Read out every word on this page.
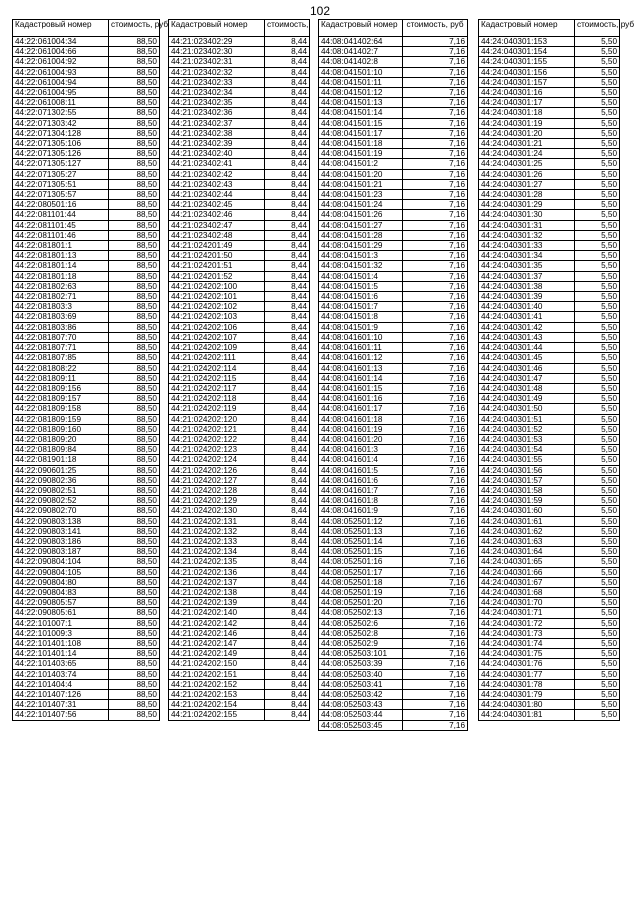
102
Кадастровый номер	стоимость, руб
44:22:061004:34	88,50
44:22:061004:66	88,50
44:22:061004:92	88,50
44:22:061004:93	88,50
44:22:061004:94	88,50
44:22:061004:95	88,50
44:22:061008:11	88,50
44:22:071302:55	88,50
44:22:071303:42	88,50
44:22:071304:128	88,50
44:22:071305:106	88,50
44:22:071305:126	88,50
44:22:071305:127	88,50
44:22:071305:27	88,50
44:22:071305:51	88,50
44:22:071305:57	88,50
44:22:080501:16	88,50
44:22:081101:44	88,50
44:22:081101:45	88,50
44:22:081101:46	88,50
44:22:081801:1	88,50
44:22:081801:13	88,50
44:22:081801:14	88,50
44:22:081801:18	88,50
44:22:081802:63	88,50
44:22:081802:71	88,50
44:22:081803:3	88,50
44:22:081803:69	88,50
44:22:081803:86	88,50
44:22:081807:70	88,50
44:22:081807:71	88,50
44:22:081807:85	88,50
44:22:081808:22	88,50
44:22:081809:11	88,50
44:22:081809:156	88,50
44:22:081809:157	88,50
44:22:081809:158	88,50
44:22:081809:159	88,50
44:22:081809:160	88,50
44:22:081809:20	88,50
44:22:081809:84	88,50
44:22:081901:18	88,50
44:22:090601:25	88,50
44:22:090802:36	88,50
44:22:090802:51	88,50
44:22:090802:52	88,50
44:22:090802:70	88,50
44:22:090803:138	88,50
44:22:090803:141	88,50
44:22:090803:186	88,50
44:22:090803:187	88,50
44:22:090804:104	88,50
44:22:090804:105	88,50
44:22:090804:80	88,50
44:22:090804:83	88,50
44:22:090805:57	88,50
44:22:090805:61	88,50
44:22:101007:1	88,50
44:22:101009:3	88,50
44:22:101401:108	88,50
44:22:101401:14	88,50
44:22:101403:65	88,50
44:22:101403:74	88,50
44:22:101404:4	88,50
44:22:101407:126	88,50
44:22:101407:31	88,50
44:22:101407:56	88,50
Кадастровый номер	стоимость,
44:21:023402:29	8,44
44:21:023402:30	8,44
44:21:023402:31	8,44
44:21:023402:32	8,44
44:21:023402:33	8,44
44:21:023402:34	8,44
44:21:023402:35	8,44
44:21:023402:36	8,44
44:21:023402:37	8,44
44:21:023402:38	8,44
44:21:023402:39	8,44
44:21:023402:40	8,44
44:21:023402:41	8,44
44:21:023402:42	8,44
44:21:023402:43	8,44
44:21:023402:44	8,44
44:21:023402:45	8,44
44:21:023402:46	8,44
44:21:023402:47	8,44
44:21:023402:48	8,44
44:21:024201:49	8,44
44:21:024201:50	8,44
44:21:024201:51	8,44
44:21:024201:52	8,44
44:21:024202:100	8,44
44:21:024202:101	8,44
44:21:024202:102	8,44
44:21:024202:103	8,44
44:21:024202:106	8,44
44:21:024202:107	8,44
44:21:024202:109	8,44
44:21:024202:111	8,44
44:21:024202:114	8,44
44:21:024202:115	8,44
44:21:024202:117	8,44
44:21:024202:118	8,44
44:21:024202:119	8,44
44:21:024202:120	8,44
44:21:024202:121	8,44
44:21:024202:122	8,44
44:21:024202:123	8,44
44:21:024202:124	8,44
44:21:024202:126	8,44
44:21:024202:127	8,44
44:21:024202:128	8,44
44:21:024202:129	8,44
44:21:024202:130	8,44
44:21:024202:131	8,44
44:21:024202:132	8,44
44:21:024202:133	8,44
44:21:024202:134	8,44
44:21:024202:135	8,44
44:21:024202:136	8,44
44:21:024202:137	8,44
44:21:024202:138	8,44
44:21:024202:139	8,44
44:21:024202:140	8,44
44:21:024202:142	8,44
44:21:024202:146	8,44
44:21:024202:147	8,44
44:21:024202:149	8,44
44:21:024202:150	8,44
44:21:024202:151	8,44
44:21:024202:152	8,44
44:21:024202:153	8,44
44:21:024202:154	8,44
44:21:024202:155	8,44
Кадастровый номер	стоимость, руб
44:08:041402:64	7,16
44:08:041402:7	7,16
44:08:041402:8	7,16
44:08:041501:10	7,16
44:08:041501:11	7,16
44:08:041501:12	7,16
44:08:041501:13	7,16
44:08:041501:14	7,16
44:08:041501:15	7,16
44:08:041501:17	7,16
44:08:041501:18	7,16
44:08:041501:19	7,16
44:08:041501:2	7,16
44:08:041501:20	7,16
44:08:041501:21	7,16
44:08:041501:23	7,16
44:08:041501:24	7,16
44:08:041501:26	7,16
44:08:041501:27	7,16
44:08:041501:28	7,16
44:08:041501:29	7,16
44:08:041501:3	7,16
44:08:041501:32	7,16
44:08:041501:4	7,16
44:08:041501:5	7,16
44:08:041501:6	7,16
44:08:041501:7	7,16
44:08:041501:8	7,16
44:08:041501:9	7,16
44:08:041601:10	7,16
44:08:041601:11	7,16
44:08:041601:12	7,16
44:08:041601:13	7,16
44:08:041601:14	7,16
44:08:041601:15	7,16
44:08:041601:16	7,16
44:08:041601:17	7,16
44:08:041601:18	7,16
44:08:041601:19	7,16
44:08:041601:20	7,16
44:08:041601:3	7,16
44:08:041601:4	7,16
44:08:041601:5	7,16
44:08:041601:6	7,16
44:08:041601:7	7,16
44:08:041601:8	7,16
44:08:041601:9	7,16
44:08:052501:12	7,16
44:08:052501:13	7,16
44:08:052501:14	7,16
44:08:052501:15	7,16
44:08:052501:16	7,16
44:08:052501:17	7,16
44:08:052501:18	7,16
44:08:052501:19	7,16
44:08:052501:20	7,16
44:08:052502:13	7,16
44:08:052502:6	7,16
44:08:052502:8	7,16
44:08:052502:9	7,16
44:08:052503:101	7,16
44:08:052503:39	7,16
44:08:052503:40	7,16
44:08:052503:41	7,16
44:08:052503:42	7,16
44:08:052503:43	7,16
44:08:052503:44	7,16
44:08:052503:45	7,16
Кадастровый номер	стоимость, руб
44:24:040301:153	5,50
44:24:040301:154	5,50
44:24:040301:155	5,50
44:24:040301:156	5,50
44:24:040301:157	5,50
44:24:040301:16	5,50
44:24:040301:17	5,50
44:24:040301:18	5,50
44:24:040301:19	5,50
44:24:040301:20	5,50
44:24:040301:21	5,50
44:24:040301:24	5,50
44:24:040301:25	5,50
44:24:040301:26	5,50
44:24:040301:27	5,50
44:24:040301:28	5,50
44:24:040301:29	5,50
44:24:040301:30	5,50
44:24:040301:31	5,50
44:24:040301:32	5,50
44:24:040301:33	5,50
44:24:040301:34	5,50
44:24:040301:35	5,50
44:24:040301:37	5,50
44:24:040301:38	5,50
44:24:040301:39	5,50
44:24:040301:40	5,50
44:24:040301:41	5,50
44:24:040301:42	5,50
44:24:040301:43	5,50
44:24:040301:44	5,50
44:24:040301:45	5,50
44:24:040301:46	5,50
44:24:040301:47	5,50
44:24:040301:48	5,50
44:24:040301:49	5,50
44:24:040301:50	5,50
44:24:040301:51	5,50
44:24:040301:52	5,50
44:24:040301:53	5,50
44:24:040301:54	5,50
44:24:040301:55	5,50
44:24:040301:56	5,50
44:24:040301:57	5,50
44:24:040301:58	5,50
44:24:040301:59	5,50
44:24:040301:60	5,50
44:24:040301:61	5,50
44:24:040301:62	5,50
44:24:040301:63	5,50
44:24:040301:64	5,50
44:24:040301:65	5,50
44:24:040301:66	5,50
44:24:040301:67	5,50
44:24:040301:68	5,50
44:24:040301:70	5,50
44:24:040301:71	5,50
44:24:040301:72	5,50
44:24:040301:73	5,50
44:24:040301:74	5,50
44:24:040301:75	5,50
44:24:040301:76	5,50
44:24:040301:77	5,50
44:24:040301:78	5,50
44:24:040301:79	5,50
44:24:040301:80	5,50
44:24:040301:81	5,50
